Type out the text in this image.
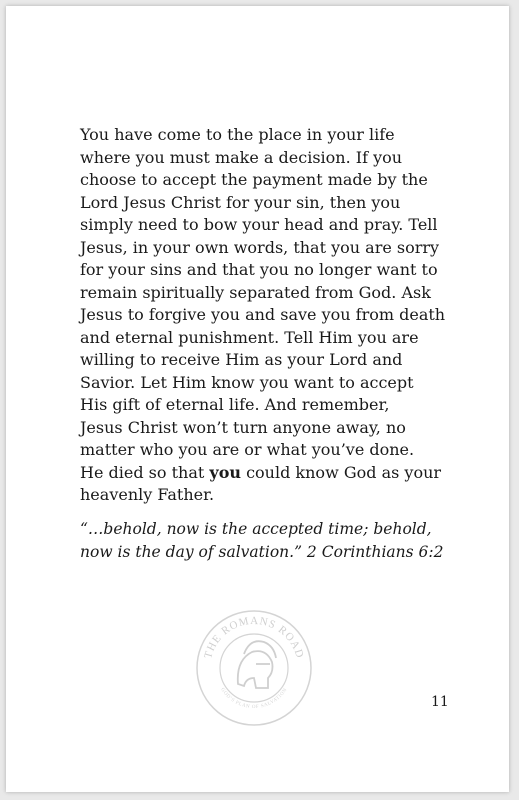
You have come to the place in your life
where you must make a decision. If you
choose to accept the payment made by the
Lord Jesus Christ for your sin, then you
simply need to bow your head and pray. Tell
Jesus, in your own words, that you are sorry
for your sins and that you no longer want to
remain spiritually separated from God. Ask
Jesus to forgive you and save you from death
and eternal punishment. Tell Him you are
willing to receive Him as your Lord and
Savior. Let Him know you want to accept
His gift of eternal life. And remember,
Jesus Christ won’t turn anyone away, no
matter who you are or what you’ve done.
He died so that you could know God as your
heavenly Father.

“…behold, now is the accepted time; behold,
now is the day of salvation.” 2 Corinthians 6:2

THE ROMANS ROAD
GOD’S PLAN OF SALVATION
11
